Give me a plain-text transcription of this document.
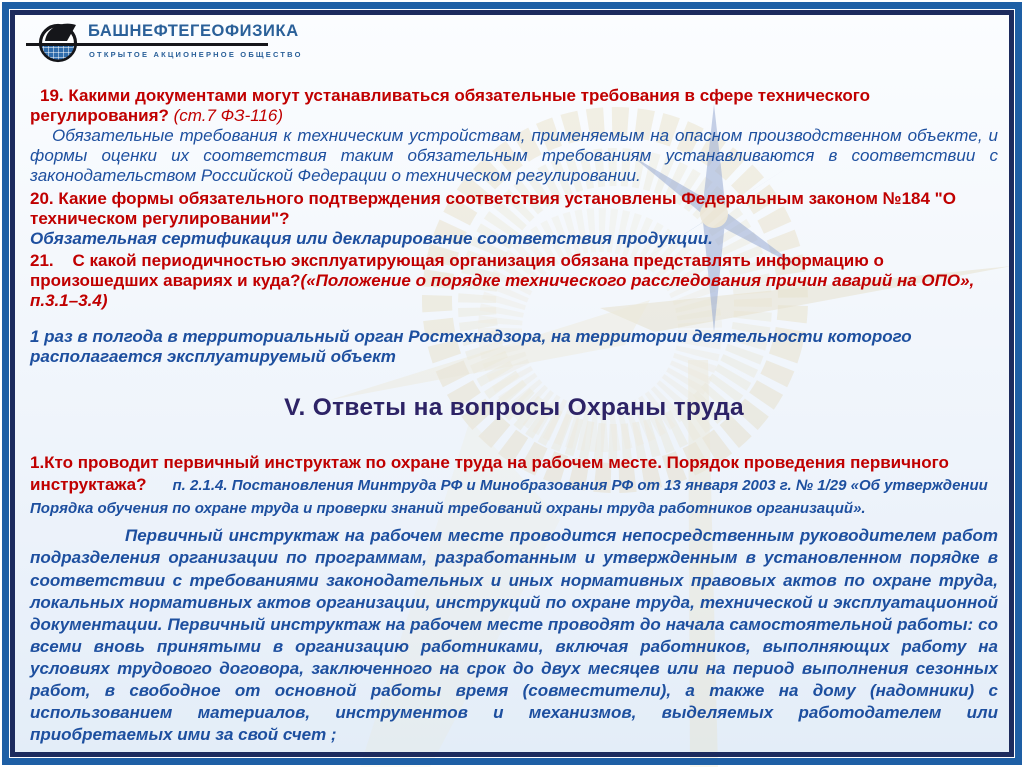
БАШНЕФТЕГЕОФИЗИКА
ОТКРЫТОЕ АКЦИОНЕРНОЕ ОБЩЕСТВО

19. Какими документами могут устанавливаться обязательные требования в сфере технического регулирования? (ст.7 ФЗ-116)

Обязательные требования к техническим устройствам, применяемым на опасном производственном объекте, и формы оценки их соответствия таким обязательным требованиям устанавливаются в соответствии с законодательством Российской Федерации о техническом регулировании.

20. Какие формы обязательного подтверждения соответствия установлены Федеральным законом №184 "О техническом регулировании"?

Обязательная сертификация или декларирование соответствия продукции.

21.    С какой периодичностью эксплуатирующая организация обязана представлять информацию о произошедших авариях и куда?(«Положение о порядке технического расследования причин аварий на ОПО», п.3.1–3.4)

1 раз в полгода в территориальный орган Ростехнадзора, на территории деятельности которого располагается эксплуатируемый объект

V. Ответы на вопросы Охраны труда

1.Кто проводит первичный инструктаж по охране труда на рабочем месте. Порядок проведения первичного инструктажа? п. 2.1.4. Постановления Минтруда РФ и Минобразования РФ от 13 января 2003 г. № 1/29 «Об утверждении Порядка обучения по охране труда и проверки знаний требований охраны труда работников организаций».

Первичный инструктаж на рабочем месте проводится непосредственным руководителем работ подразделения организации по программам, разработанным и утвержденным в установленном порядке в соответствии с требованиями законодательных и иных нормативных правовых актов по охране труда, локальных нормативных актов организации, инструкций по охране труда, технической и эксплуатационной документации. Первичный инструктаж на рабочем месте проводят до начала самостоятельной работы: со всеми вновь принятыми в организацию работниками, включая работников, выполняющих работу на условиях трудового договора, заключенного на срок до двух месяцев или на период выполнения сезонных работ, в свободное от основной работы время (совместители), а также на дому (надомники) с использованием материалов, инструментов и механизмов, выделяемых работодателем или приобретаемых ими за свой счет ;
